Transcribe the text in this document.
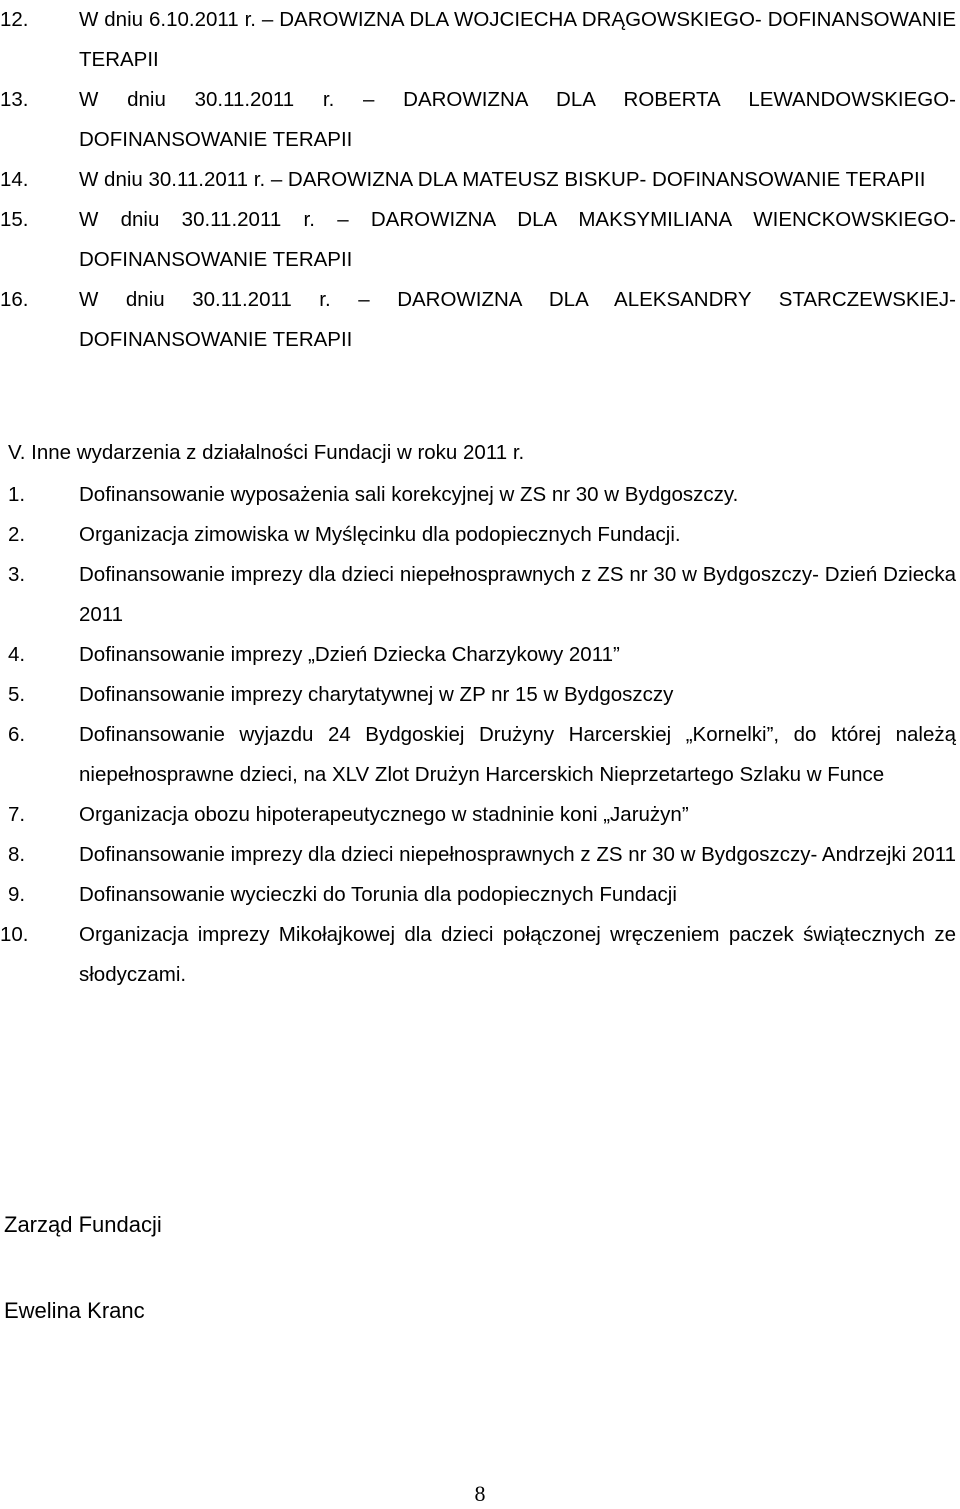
12.	W dniu 6.10.2011 r. – DAROWIZNA DLA WOJCIECHA DRĄGOWSKIEGO- DOFINANSOWANIE TERAPII
13.	W dniu 30.11.2011 r. – DAROWIZNA DLA ROBERTA LEWANDOWSKIEGO- DOFINANSOWANIE TERAPII
14.	W dniu 30.11.2011 r. – DAROWIZNA DLA MATEUSZ BISKUP- DOFINANSOWANIE TERAPII
15.	W dniu 30.11.2011 r. – DAROWIZNA DLA MAKSYMILIANA WIENCKOWSKIEGO- DOFINANSOWANIE TERAPII
16.	W dniu 30.11.2011 r. – DAROWIZNA DLA ALEKSANDRY STARCZEWSKIEJ- DOFINANSOWANIE TERAPII
V. Inne wydarzenia z działalności Fundacji w roku 2011 r.
1.	Dofinansowanie wyposażenia sali korekcyjnej w ZS nr 30 w Bydgoszczy.
2.	Organizacja zimowiska w Myślęcinku dla podopiecznych Fundacji.
3.	Dofinansowanie imprezy dla dzieci niepełnosprawnych z ZS nr 30 w Bydgoszczy- Dzień Dziecka 2011
4.	Dofinansowanie imprezy „Dzień Dziecka Charzykowy 2011”
5.	Dofinansowanie imprezy charytatywnej w ZP nr 15 w Bydgoszczy
6.	Dofinansowanie wyjazdu 24 Bydgoskiej Drużyny Harcerskiej „Kornelki”, do której należą niepełnosprawne dzieci, na XLV Zlot Drużyn Harcerskich Nieprzetartego Szlaku w Funce
7.	Organizacja obozu hipoterapeutycznego w stadninie koni „Jarużyn”
8.	Dofinansowanie imprezy dla dzieci niepełnosprawnych z ZS nr 30 w Bydgoszczy- Andrzejki 2011
9.	Dofinansowanie wycieczki do Torunia dla podopiecznych Fundacji
10.	Organizacja imprezy Mikołajkowej dla dzieci połączonej wręczeniem paczek świątecznych ze słodyczami.
Zarząd Fundacji
Ewelina Kranc
8
